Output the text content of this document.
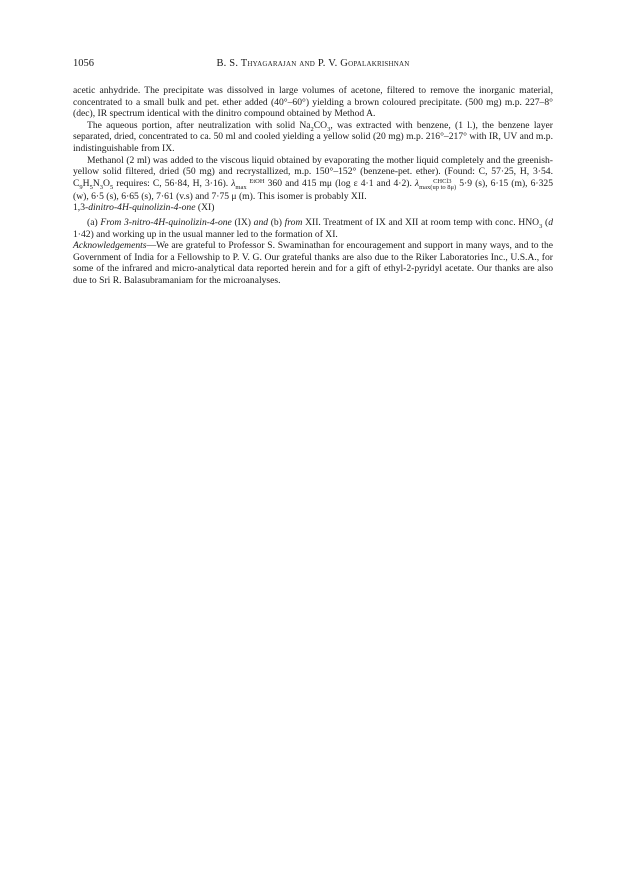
1056	B. S. Thyagarajan and P. V. Gopalakrishnan

acetic anhydride. The precipitate was dissolved in large volumes of acetone, filtered to remove the inorganic material, concentrated to a small bulk and pet. ether added (40°–60°) yielding a brown coloured precipitate. (500 mg) m.p. 227–8° (dec), IR spectrum identical with the dinitro compound obtained by Method A.

The aqueous portion, after neutralization with solid $Na_2CO_3$, was extracted with benzene, (1 l.), the benzene layer separated, dried, concentrated to ca. 50 ml and cooled yielding a yellow solid (20 mg) m.p. 216°–217° with IR, UV and m.p. indistinguishable from IX.

Methanol (2 ml) was added to the viscous liquid obtained by evaporating the mother liquid completely and the greenish-yellow solid filtered, dried (50 mg) and recrystallized, m.p. 150°–152° (benzene-pet. ether). (Found: C, 57·25, H, 3·54. $C_9H_5N_3O_5$ requires: C, 56·84, H, 3·16). λ EtOH
max 360 and 415 mμ (log ε 4·1 and 4·2). λ CHCl3
max(up to 8μ) 5·9 (s), 6·15 (m), 6·325 (w), 6·5 (s), 6·65 (s), 7·61 (v.s) and 7·75 μ (m). This isomer is probably XII.

1,3-dinitro-4H-quinolizin-4-one (XI)

(a) From 3-nitro-4H-quinolizin-4-one (IX) and (b) from XII. Treatment of IX and XII at room temp with conc. $HNO_3$ (d 1·42) and working up in the usual manner led to the formation of XI.

Acknowledgements—We are grateful to Professor S. Swaminathan for encouragement and support in many ways, and to the Government of India for a Fellowship to P. V. G. Our grateful thanks are also due to the Riker Laboratories Inc., U.S.A., for some of the infrared and micro-analytical data reported herein and for a gift of ethyl-2-pyridyl acetate. Our thanks are also due to Sri R. Balasubramaniam for the microanalyses.
